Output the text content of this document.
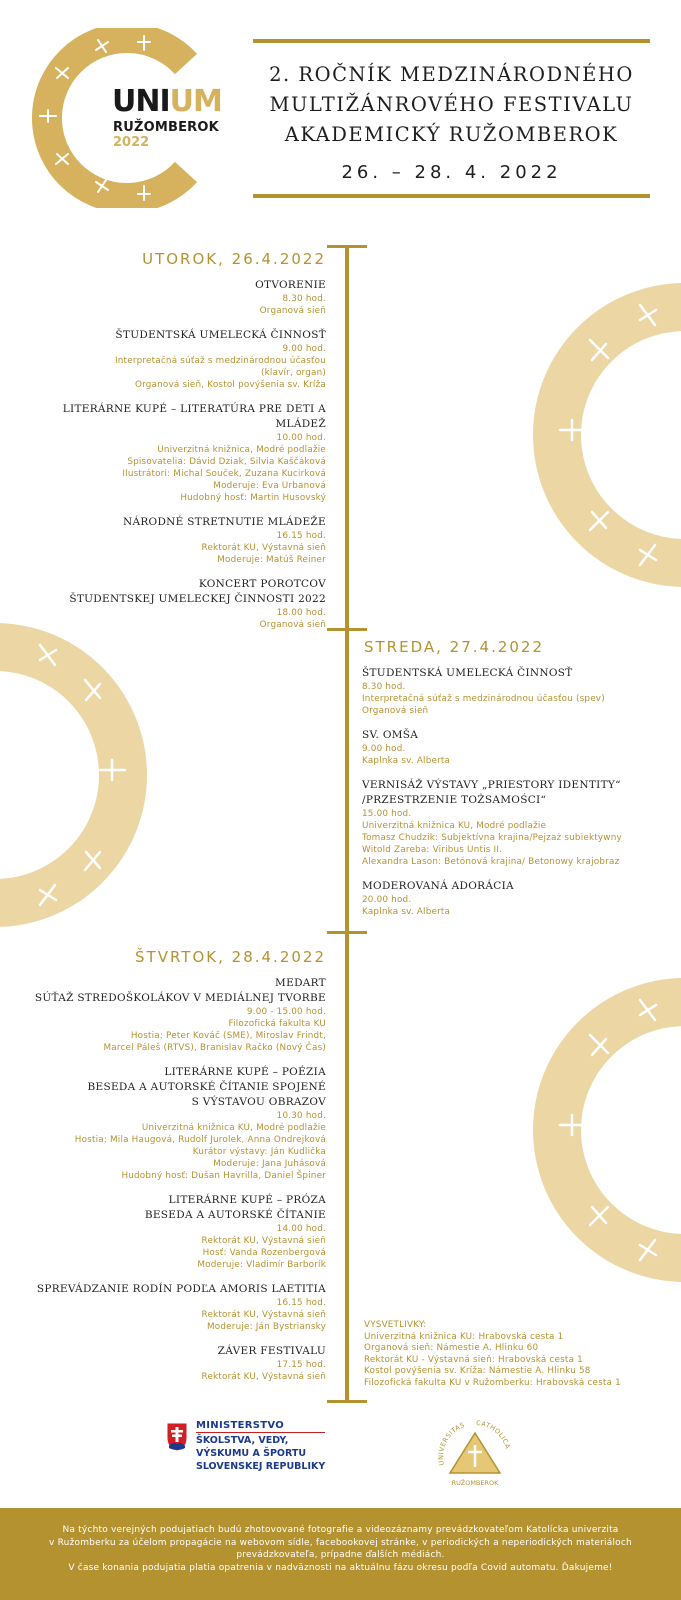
UNIUM
RUŽOMBEROK
2022
2. ROČNÍK MEDZINÁRODNÉHO
MULTIŽÁNROVÉHO FESTIVALU
AKADEMICKÝ RUŽOMBEROK
26. – 28. 4. 2022
UTOROK, 26.4.2022
STREDA, 27.4.2022
ŠTVRTOK, 28.4.2022
OTVORENIE
8.30 hod.
Organová sieň
ŠTUDENTSKÁ UMELECKÁ ČINNOSŤ
9.00 hod.
Interpretačná súťaž s medzinárodnou účasťou
(klavír, organ)
Organová sieň, Kostol povýšenia sv. Kríža
LITERÁRNE KUPÉ – LITERATÚRA PRE DETI A MLÁDEŽ
10.00 hod.
Univerzitná knižnica, Modré podlažie
Spisovatelia: Dávid Dziak, Silvia Kaščáková
Ilustrátori: Michal Souček, Zuzana Kucirková
Moderuje: Eva Urbanová
Hudobný hosť: Martin Husovský
NÁRODNÉ STRETNUTIE MLÁDEŽE
16.15 hod.
Rektorát KU, Výstavná sieň
Moderuje: Matúš Reiner
KONCERT POROTCOV
ŠTUDENTSKEJ UMELECKEJ ČINNOSTI 2022
18.00 hod.
Organová sieň
ŠTUDENTSKÁ UMELECKÁ ČINNOSŤ
8.30 hod.
Interpretačná súťaž s medzinárodnou účasťou (spev)
Organová sieň
SV. OMŠA
9.00 hod.
Kaplnka sv. Alberta
VERNISÁŽ VÝSTAVY „PRIESTORY IDENTITY“
/PRZESTRZENIE TOŻSAMOŚCI“
15.00 hod.
Univerzitná knižnica KU, Modré podlažie
Tomasz Chudzik: Subjektívna krajina/Pejzaż subiektywny
Witold Zareba: Viribus Untis II.
Alexandra Lason: Betónová krajina/ Betonowy krajobraz
MODEROVANÁ ADORÁCIA
20.00 hod.
Kaplnka sv. Alberta
MEDART
SÚŤAŽ STREDOŠKOLÁKOV V MEDIÁLNEJ TVORBE
9.00 - 15.00 hod.
Filozofická fakulta KU
Hostia: Peter Kováč (SME), Miroslav Frindt,
Marcel Páleš (RTVS), Branislav Račko (Nový Čas)
LITERÁRNE KUPÉ – POÉZIA
BESEDA A AUTORSKÉ ČÍTANIE SPOJENÉ
S VÝSTAVOU OBRAZOV
10.30 hod.
Univerzitná knižnica KU, Modré podlažie
Hostia: Mila Haugová, Rudolf Jurolek, Anna Ondrejková
Kurátor výstavy: Ján Kudlička
Moderuje: Jana Juhásová
Hudobný hosť: Dušan Havrilla, Daniel Špiner
LITERÁRNE KUPÉ – PRÓZA
BESEDA A AUTORSKÉ ČÍTANIE
14.00 hod.
Rektorát KU, Výstavná sieň
Hosť: Vanda Rozenbergová
Moderuje: Vladimír Barborík
SPREVÁDZANIE RODÍN PODĽA AMORIS LAETITIA
16.15 hod.
Rektorát KU, Výstavná sieň
Moderuje: Ján Bystriansky
ZÁVER FESTIVALU
17.15 hod.
Rektorát KU, Výstavná sieň
VYSVETLIVKY:
Univerzitná knižnica KU: Hrabovská cesta 1
Organová sieň: Námestie A. Hlinku 60
Rektorát KU - Výstavná sieň: Hrabovská cesta 1
Kostol povýšenia sv. Kríža: Námestie A. Hlinku 58
Filozofická fakulta KU v Ružomberku: Hrabovská cesta 1
MINISTERSTVO
ŠKOLSTVA, VEDY,
VÝSKUMU A ŠPORTU
SLOVENSKEJ REPUBLIKY	UNIVERSITAS CATHOLICA
RUŽOMBEROK
Na týchto verejných podujatiach budú zhotovované fotografie a videozáznamy prevádzkovateľom Katolícka univerzita
v Ružomberku za účelom propagácie na webovom sídle, facebookovej stránke, v periodických a neperiodických materiáloch
prevádzkovateľa, prípadne ďalších médiách.
V čase konania podujatia platia opatrenia v nadväznosti na aktuálnu fázu okresu podľa Covid automatu. Ďakujeme!
